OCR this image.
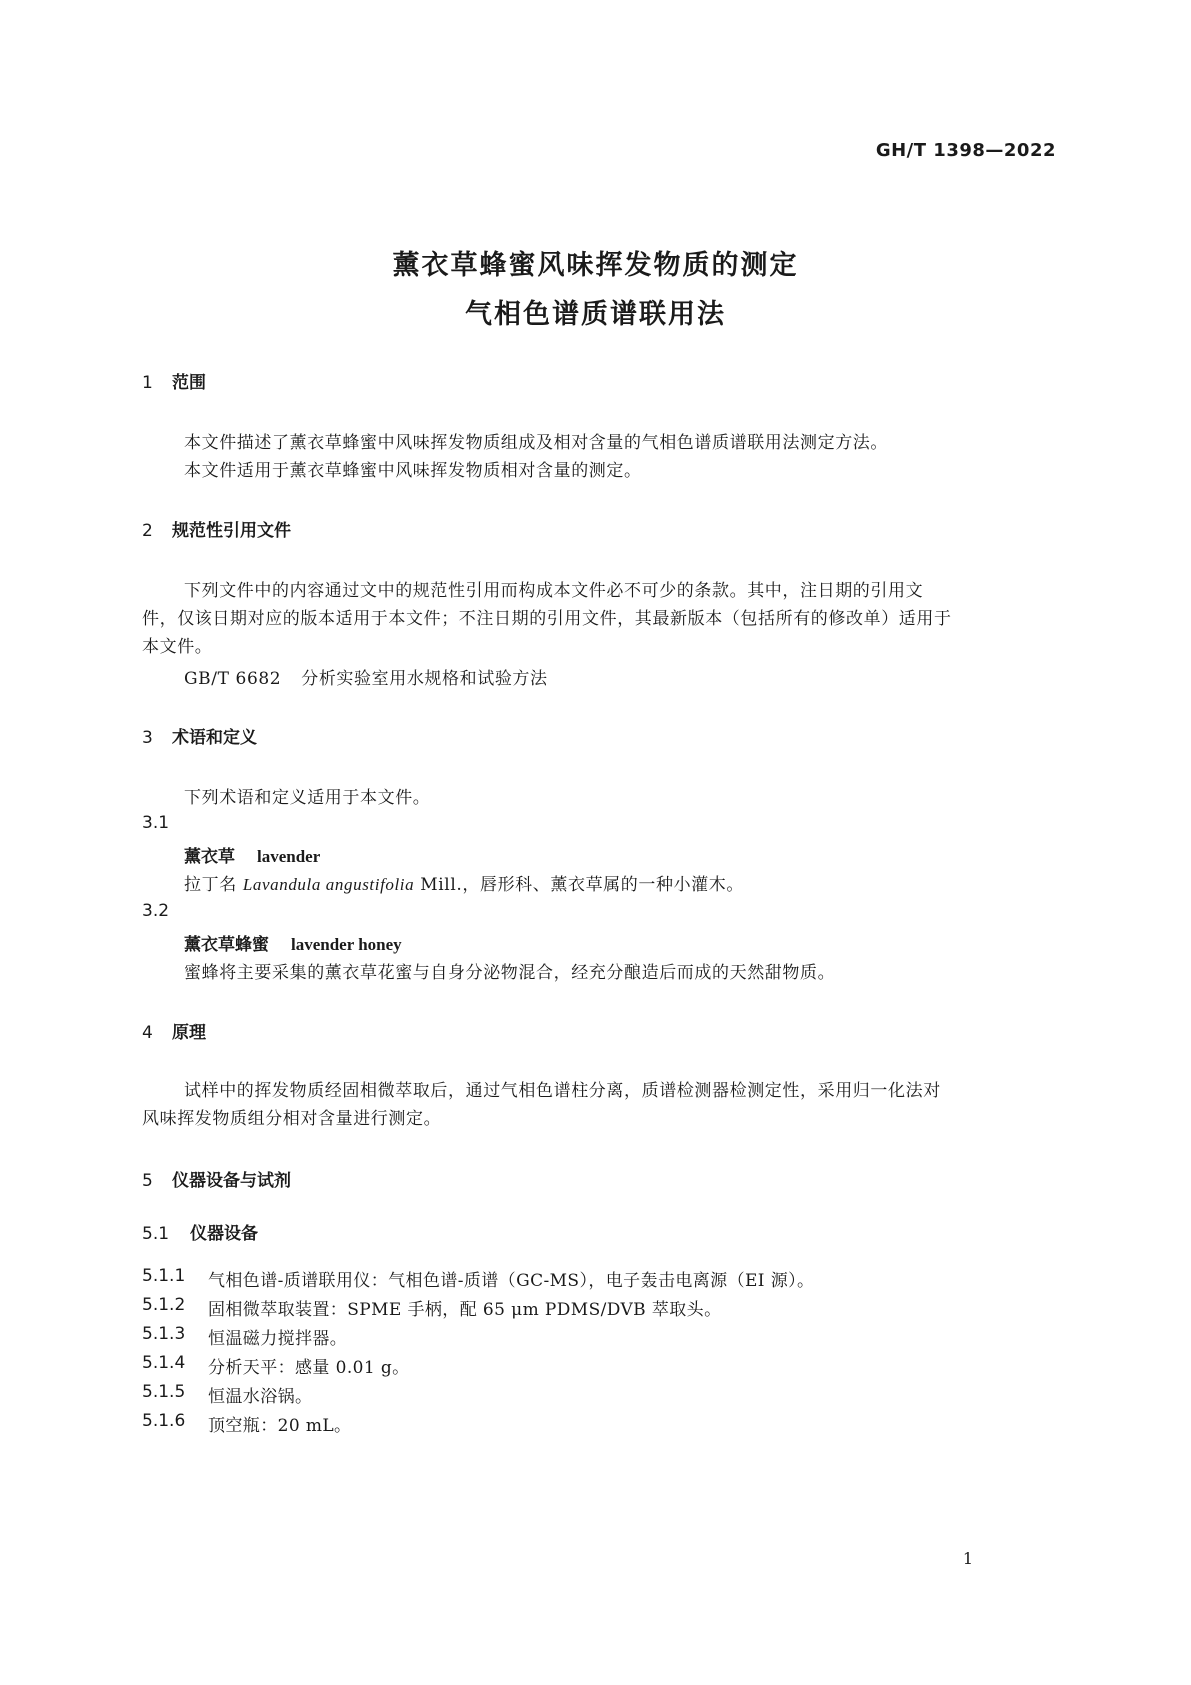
GH/T 1398—2022
薰衣草蜂蜜风味挥发物质的测定
气相色谱质谱联用法
1 范围
本文件描述了薰衣草蜂蜜中风味挥发物质组成及相对含量的气相色谱质谱联用法测定方法。
本文件适用于薰衣草蜂蜜中风味挥发物质相对含量的测定。
2 规范性引用文件
下列文件中的内容通过文中的规范性引用而构成本文件必不可少的条款。其中，注日期的引用文
件，仅该日期对应的版本适用于本文件；不注日期的引用文件，其最新版本（包括所有的修改单）适用于
本文件。
GB/T 6682 分析实验室用水规格和试验方法
3 术语和定义
下列术语和定义适用于本文件。
3.1
薰衣草 lavender
拉丁名 Lavandula angustifolia Mill.，唇形科、薰衣草属的一种小灌木。
3.2
薰衣草蜂蜜 lavender honey
蜜蜂将主要采集的薰衣草花蜜与自身分泌物混合，经充分酿造后而成的天然甜物质。
4 原理
试样中的挥发物质经固相微萃取后，通过气相色谱柱分离，质谱检测器检测定性，采用归一化法对
风味挥发物质组分相对含量进行测定。
5 仪器设备与试剂
5.1 仪器设备
5.1.1 气相色谱-质谱联用仪：气相色谱-质谱（GC-MS），电子轰击电离源（EI 源）。
5.1.2 固相微萃取装置：SPME 手柄，配 65 μm PDMS/DVB 萃取头。
5.1.3 恒温磁力搅拌器。
5.1.4 分析天平：感量 0.01 g。
5.1.5 恒温水浴锅。
5.1.6 顶空瓶：20 mL。
1
